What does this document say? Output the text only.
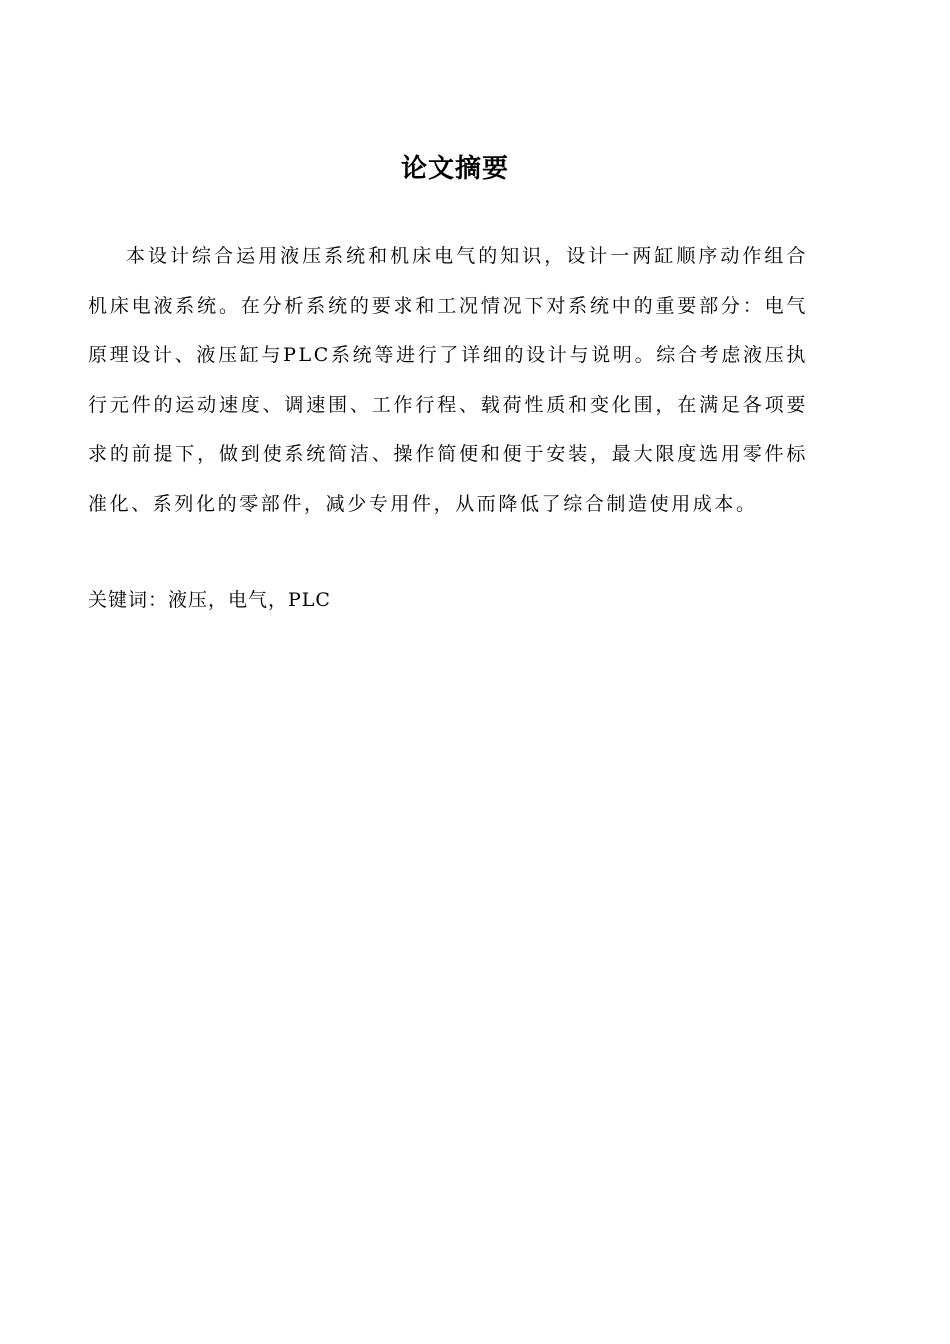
论文摘要

本设计综合运用液压系统和机床电气的知识，设计一两缸顺序动作组合机床电液系统。在分析系统的要求和工况情况下对系统中的重要部分：电气原理设计、液压缸与PLC系统等进行了详细的设计与说明。综合考虑液压执行元件的运动速度、调速围、工作行程、载荷性质和变化围，在满足各项要求的前提下，做到使系统简洁、操作简便和便于安装，最大限度选用零件标准化、系列化的零部件，减少专用件，从而降低了综合制造使用成本。

关键词：液压，电气，PLC
